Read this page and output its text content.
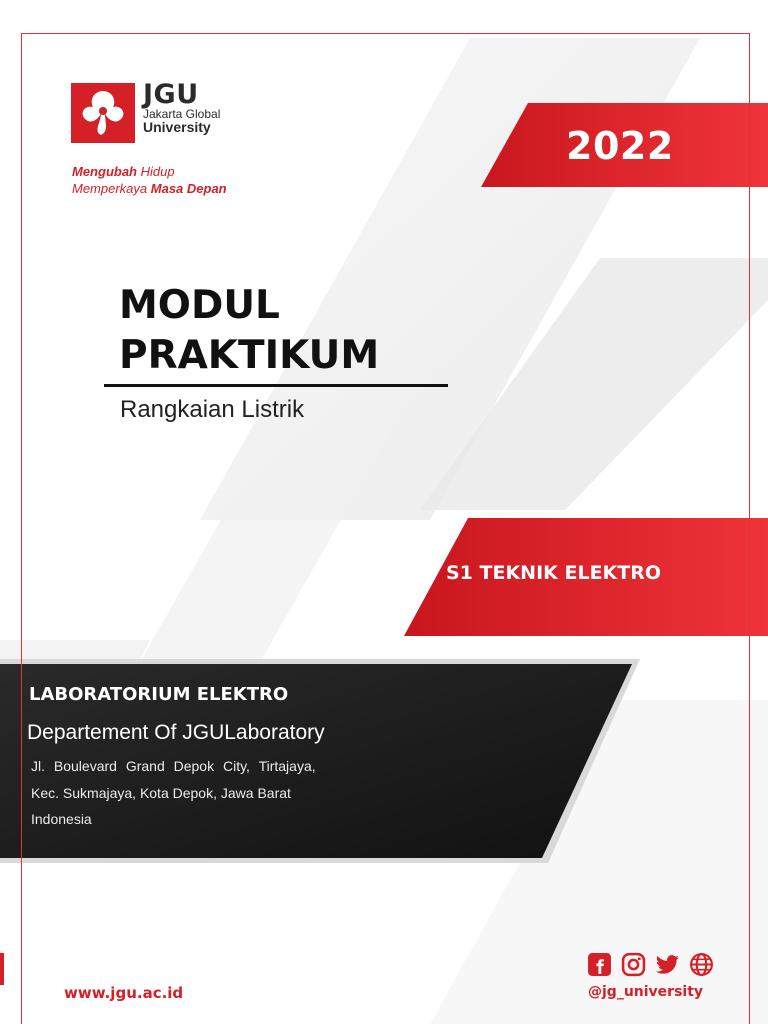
JGU
Jakarta Global
University
Mengubah Hidup
Memperkaya Masa Depan
2022
MODUL
PRAKTIKUM
Rangkaian Listrik
S1 TEKNIK ELEKTRO
LABORATORIUM ELEKTRO
Departement Of JGULaboratory
Jl. Boulevard Grand Depok City, Tirtajaya,
Kec. Sukmajaya, Kota Depok, Jawa Barat
Indonesia
www.jgu.ac.id	@jg_university
